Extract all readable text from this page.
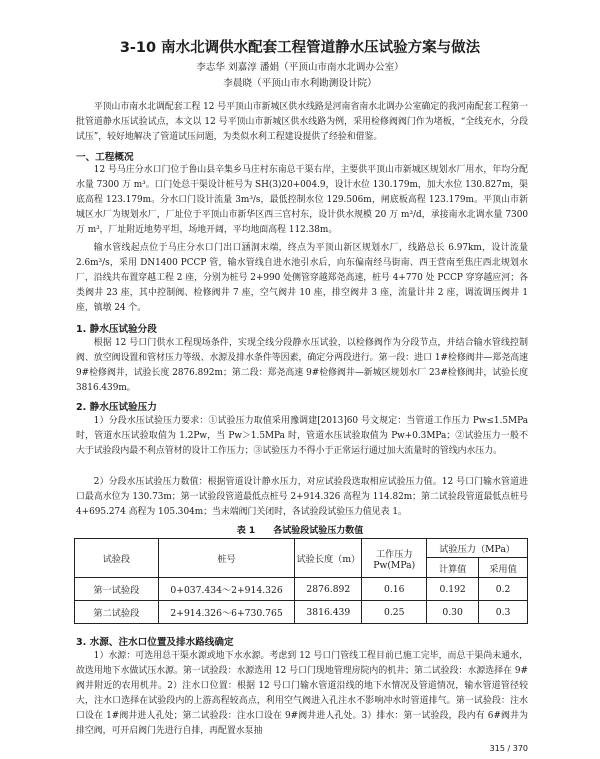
3-10 南水北调供水配套工程管道静水压试验方案与做法
李志华 刘嘉淳 潘娟（平顶山市南水北调办公室）
李晨晓（平顶山市水利勘测设计院）

平顶山市南水北调配套工程 12 号平顶山市新城区供水线路是河南省南水北调办公室确定的我河南配套工程第一批管道静水压试验试点，本文以 12 号平顶山市新城区供水线路为例，采用检修阀阀门作为堵板，“全线充水，分段试压”，较好地解决了管道试压问题，为类似水利工程建设提供了经验和借鉴。

一、工程概况

12 号马庄分水口门位于鲁山县辛集乡马庄村东南总干渠右岸，主要供平顶山市新城区规划水厂用水，年均分配水量 7300 万 m³。口门处总干渠设计桩号为 SH(3)20+004.9，设计水位 130.179m，加大水位 130.827m，渠底高程 123.179m。分水口门设计流量 3m³/s，最低控制水位 129.506m，闸底板高程 123.179m。平顶山市新城区水厂为规划水厂，厂址位于平顶山市新华区西三官村东，设计供水规模 20 万 m³/d，承接南水北调水量 7300 万 m³，厂址附近地势平坦，场地开阔，平均地面高程 112.38m。

输水管线起点位于马庄分水口门出口涵洞末端，终点为平顶山新区规划水厂，线路总长 6.97km，设计流量 2.6m³/s，采用 DN1400 PCCP 管，输水管线自进水池引水后，向东偏南经马街南、西王营南至焦庄西北规划水厂，沿线共布置穿越工程 2 座，分别为桩号 2+990 处侧管穿越郑尧高速，桩号 4+770 处 PCCP 穿穿越应河；各类阀井 23 座，其中控制阀、检修阀井 7 座，空气阀井 10 座，排空阀井 3 座，流量计井 2 座，调流调压阀井 1 座，镇墩 24 个。

1. 静水压试验分段

根据 12 号口门供水工程现场条件，实现全线分段静水压试验，以检修阀作为分段节点，并结合输水管线控制阀、放空阀设置和管材压力等级、水源及排水条件等因素，确定分两段进行。第一段：进口 1#检修阀井—郑尧高速 9#检修阀井，试验长度 2876.892m；第二段：郑尧高速 9#检修阀井—新城区规划水厂 23#检修阀井，试验长度 3816.439m。

2. 静水压试验压力

1）分段水压试验压力要求：①试验压力取值采用豫调建[2013]60 号文规定：当管道工作压力 Pw≤1.5MPa 时，管道水压试验取值为 1.2Pw，当 Pw＞1.5MPa 时，管道水压试验取值为 Pw+0.3MPa；②试验压力一般不大于试验段内最不利点管材的设计工作压力；③试验压力不得小于正常运行通过加大流量时的管线内水压力。

2）分段水压试验压力数值：根据管道设计静水压力，对应试验段选取相应试验压力值。12 号口门输水管道进口最高水位为 130.73m；第一试验段管道最低点桩号 2+914.326 高程为 114.82m；第二试验段管道最低点桩号 4+695.274 高程为 105.304m；当末端阀门关闭时，各试验段试验压力值见表 1。

表 1 各试验段试验压力数值
试验段	桩号	试验长度（m）	工作压力 Pw(MPa)	试验压力（MPa）	
				计算值	采用值
第一试验段	0+037.434～2+914.326	2876.892	0.16	0.192	0.2
第二试验段	2+914.326～6+730.765	3816.439	0.25	0.30	0.3
3. 水源、注水口位置及排水路线确定

1）水源：可选用总干渠水源或地下水水源。考虑到 12 号口门管线工程目前已施工完毕，而总干渠尚未通水，故选用地下水做试压水源。第一试验段：水源选用 12 号口门现地管理房院内的机井；第二试验段：水源选择在 9#阀井附近的农用机井。2）注水口位置：根据 12 号口门输水管道沿线的地下水情况及管道情况，输水管道管径较大，注水口选择在试验段内的上游高程较高点，利用空气阀进入孔注水不影响冲水时管道排气。第一试验段：注水口设在 1#阀井进人孔处；第二试验段：注水口设在 9#阀井进人孔处。3）排水：第一试验段，段内有 6#阀井为排空阀，可开启阀门先进行自排，再配置水泵抽

315 / 370
